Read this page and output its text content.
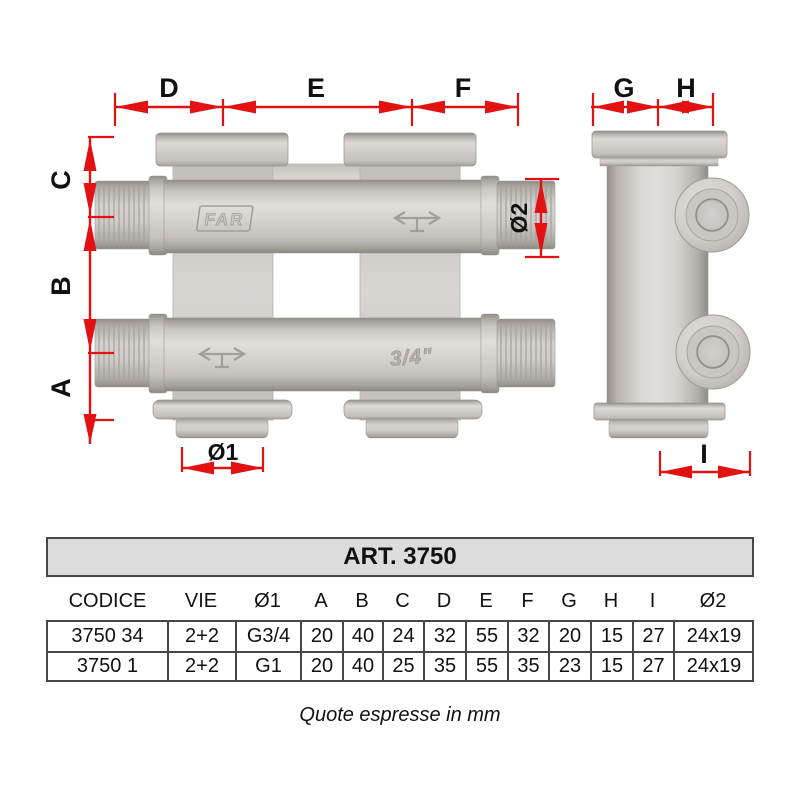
FAR
3/4"
D	E	F	G H
C
B
A
Ø2
Ø1	I
ART. 3750
CODICE	VIE	Ø1	A	B	C	D	E	F	G	H	I	Ø2
3750 34	2+2	G3/4	20 40 24 32 55 32 20 15 27	24x19
3750 1	2+2	G1	20 40 25 35 55 35 23 15 27	24x19
Quote espresse in mm
